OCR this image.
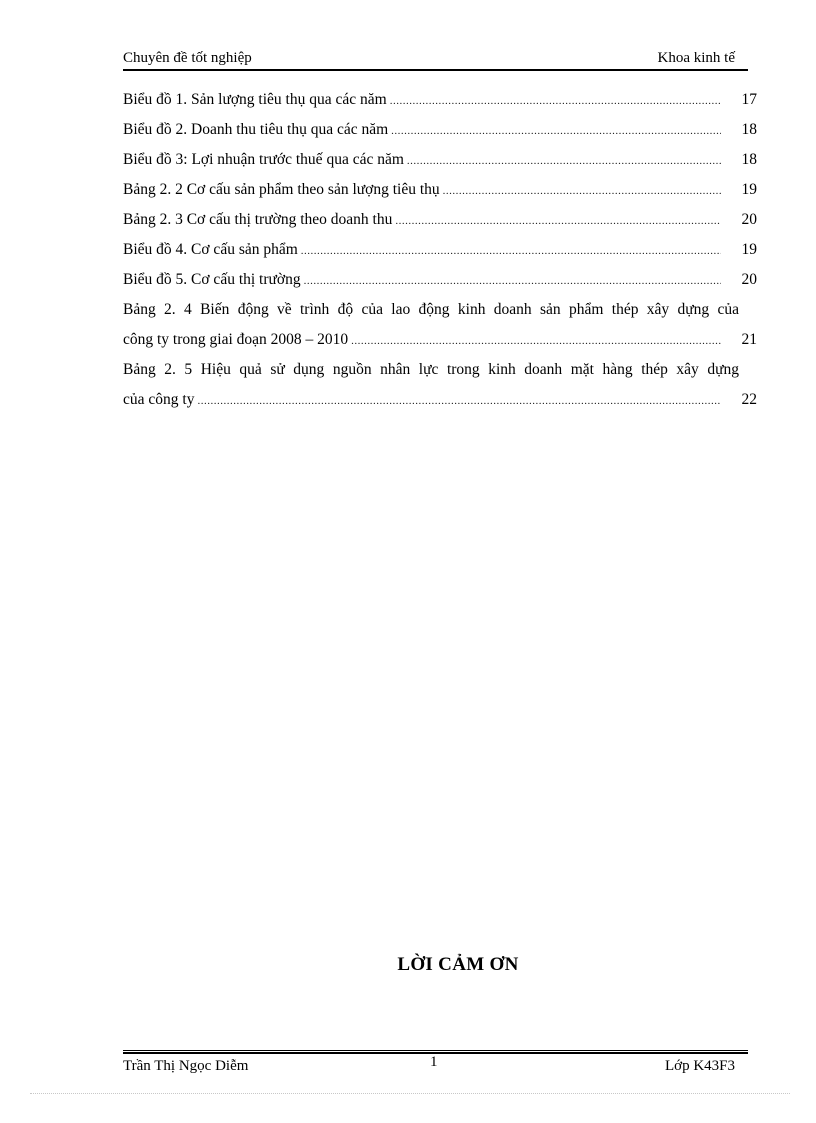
Chuyên đề tốt nghiệp	Khoa kinh tế
Biểu đồ 1. Sản lượng tiêu thụ qua các năm .....	17
Biểu đồ 2. Doanh thu tiêu thụ qua các năm .....	18
Biểu đồ 3: Lợi nhuận trước thuế qua các năm .....	18
Bảng 2. 2 Cơ cấu sản phẩm theo sản lượng tiêu thụ .....	19
Bảng 2. 3 Cơ cấu thị trường theo doanh thu .....	20
Biểu đồ 4. Cơ cấu sản phẩm .....	19
Biểu đồ 5. Cơ cấu thị trường .....	20
Bảng 2. 4 Biến động về trình độ của lao động kinh doanh sản phẩm thép xây dựng của
công ty trong giai đoạn 2008 – 2010 .....	21
Bảng 2. 5 Hiệu quả sử dụng nguồn nhân lực trong kinh doanh mặt hàng thép xây dựng
của công ty .....	22
LỜI CẢM ƠN
Trần Thị Ngọc Diễm	1	Lớp K43F3
